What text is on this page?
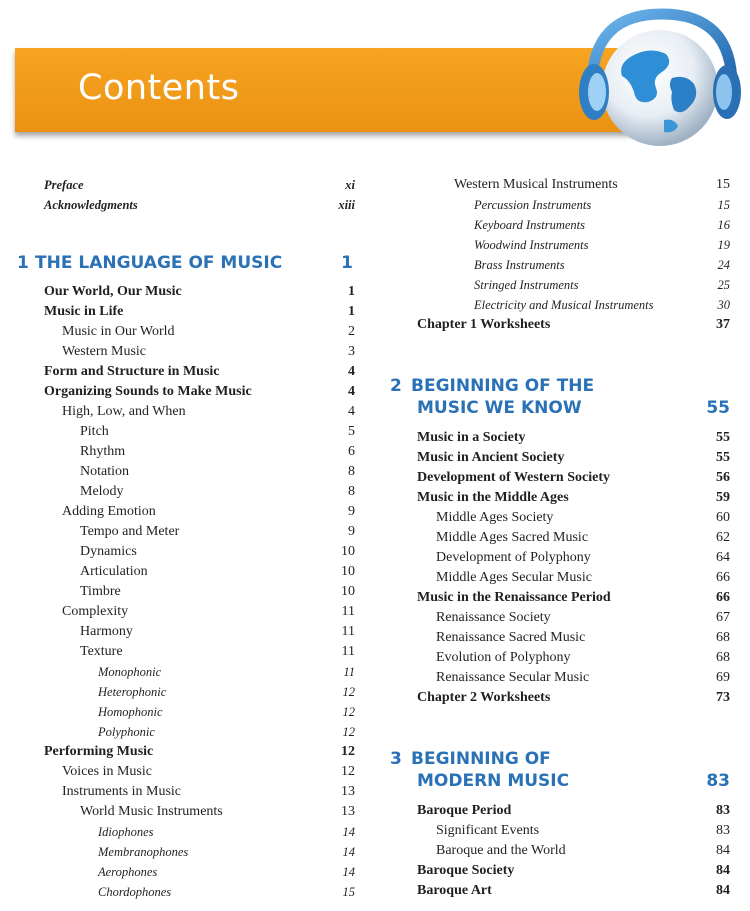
Contents
Preface	xi
Acknowledgments	xiii
1 THE LANGUAGE OF MUSIC	1
Our World, Our Music	1
Music in Life	1
Music in Our World	2
Western Music	3
Form and Structure in Music	4
Organizing Sounds to Make Music	4
High, Low, and When	4
Pitch	5
Rhythm	6
Notation	8
Melody	8
Adding Emotion	9
Tempo and Meter	9
Dynamics	10
Articulation	10
Timbre	10
Complexity	11
Harmony	11
Texture	11
Monophonic	11
Heterophonic	12
Homophonic	12
Polyphonic	12
Performing Music	12
Voices in Music	12
Instruments in Music	13
World Music Instruments	13
Idiophones	14
Membranophones	14
Aerophones	14
Chordophones	15
Western Musical Instruments	15
Percussion Instruments	15
Keyboard Instruments	16
Woodwind Instruments	19
Brass Instruments	24
Stringed Instruments	25
Electricity and Musical Instruments	30
Chapter 1 Worksheets	37
2 BEGINNING OF THE
MUSIC WE KNOW	55
Music in a Society	55
Music in Ancient Society	55
Development of Western Society	56
Music in the Middle Ages	59
Middle Ages Society	60
Middle Ages Sacred Music	62
Development of Polyphony	64
Middle Ages Secular Music	66
Music in the Renaissance Period	66
Renaissance Society	67
Renaissance Sacred Music	68
Evolution of Polyphony	68
Renaissance Secular Music	69
Chapter 2 Worksheets	73
3 BEGINNING OF
MODERN MUSIC	83
Baroque Period	83
Significant Events	83
Baroque and the World	84
Baroque Society	84
Baroque Art	84
